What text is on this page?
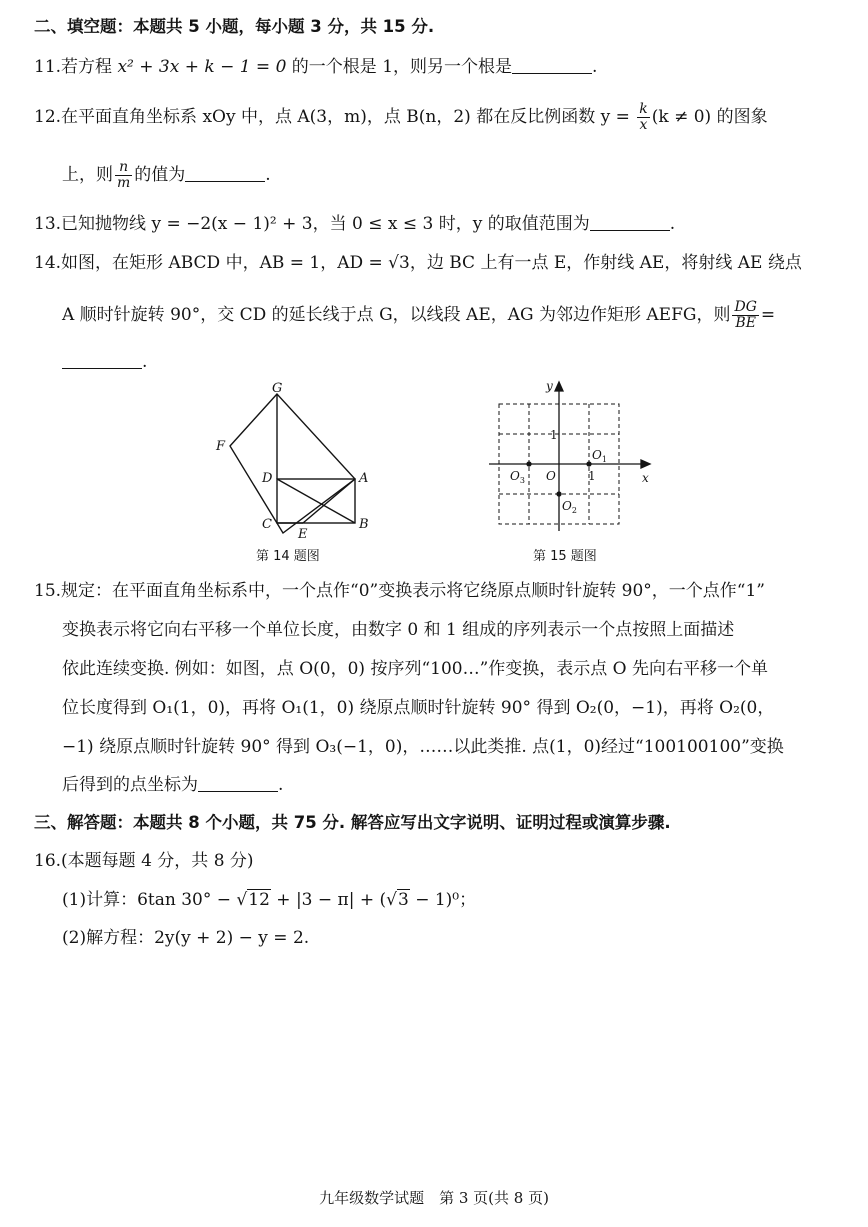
二、填空题：本题共 5 小题，每小题 3 分，共 15 分.
11.若方程 x² + 3x + k − 1 = 0 的一个根是 1，则另一个根是	.
12.在平面直角坐标系 xOy 中，点 A(3，m)，点 B(n，2) 都在反比例函数 $y = \frac{k}{x} (k \ne 0)$ 的图象
上，则 $\frac{n}{m}$ 的值为	.
13.已知抛物线 y = −2(x − 1)² + 3，当 0 ≤ x ≤ 3 时，y 的取值范围为	.
14.如图，在矩形 ABCD 中，AB = 1，AD = √3，边 BC 上有一点 E，作射线 AE，将射线 AE 绕点
A 顺时针旋转 90°，交 CD 的延长线于点 G，以线段 AE，AG 为邻边作矩形 AEFG，则 $\frac{DG}{BE}$ =
.
G
F
D	A
C
E
B
第 14 题图
y
x
1
1
O
$O_3$
$O_1$
$O_2$
第 15 题图
15.规定：在平面直角坐标系中，一个点作“0”变换表示将它绕原点顺时针旋转 90°，一个点作“1”
变换表示将它向右平移一个单位长度，由数字 0 和 1 组成的序列表示一个点按照上面描述
依此连续变换. 例如：如图，点 O(0，0) 按序列“100…”作变换，表示点 O 先向右平移一个单
位长度得到 O₁(1，0)，再将 O₁(1，0) 绕原点顺时针旋转 90° 得到 O₂(0，−1)，再将 O₂(0，
−1) 绕原点顺时针旋转 90° 得到 O₃(−1，0)，……以此类推. 点(1，0)经过“100100100”变换
后得到的点坐标为	.
三、解答题：本题共 8 个小题，共 75 分. 解答应写出文字说明、证明过程或演算步骤.
16.(本题每题 4 分，共 8 分)
(1)计算：6tan 30° − √12 + |3 − π| + (√3 − 1)⁰；
(2)解方程：2y(y + 2) − y = 2.
九年级数学试题　第 3 页(共 8 页)
